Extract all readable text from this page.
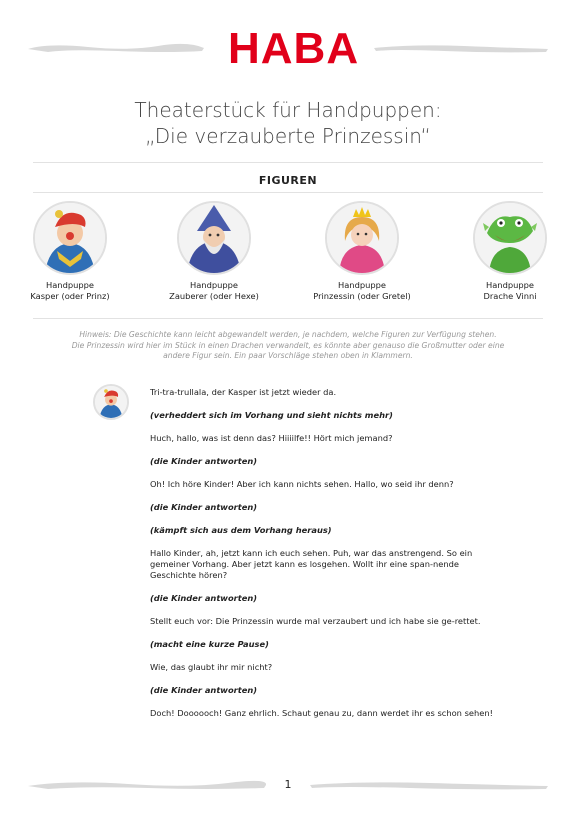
HABA
Theaterstück für Handpuppen:
„Die verzauberte Prinzessin“
FIGUREN
Handpuppe
Kasper (oder Prinz)
Handpuppe
Zauberer (oder Hexe)
Handpuppe
Prinzessin (oder Gretel)
Handpuppe
Drache Vinni
Hinweis: Die Geschichte kann leicht abgewandelt werden, je nachdem, welche Figuren zur Verfügung stehen.
Die Prinzessin wird hier im Stück in einen Drachen verwandelt, es könnte aber genauso die Großmutter oder eine
andere Figur sein. Ein paar Vorschläge stehen oben in Klammern.
Tri-tra-trullala, der Kasper ist jetzt wieder da.
(verheddert sich im Vorhang und sieht nichts mehr)
Huch, hallo, was ist denn das? Hiiiilfe!! Hört mich jemand?
(die Kinder antworten)
Oh! Ich höre Kinder! Aber ich kann nichts sehen. Hallo, wo seid ihr denn?
(die Kinder antworten)
(kämpft sich aus dem Vorhang heraus)
Hallo Kinder, ah, jetzt kann ich euch sehen. Puh, war das anstrengend. So ein gemeiner Vorhang. Aber jetzt kann es losgehen. Wollt ihr eine span-nende Geschichte hören?
(die Kinder antworten)
Stellt euch vor: Die Prinzessin wurde mal verzaubert und ich habe sie ge-rettet.
(macht eine kurze Pause)
Wie, das glaubt ihr mir nicht?
(die Kinder antworten)
Doch! Doooooch! Ganz ehrlich. Schaut genau zu, dann werdet ihr es schon sehen!
1
